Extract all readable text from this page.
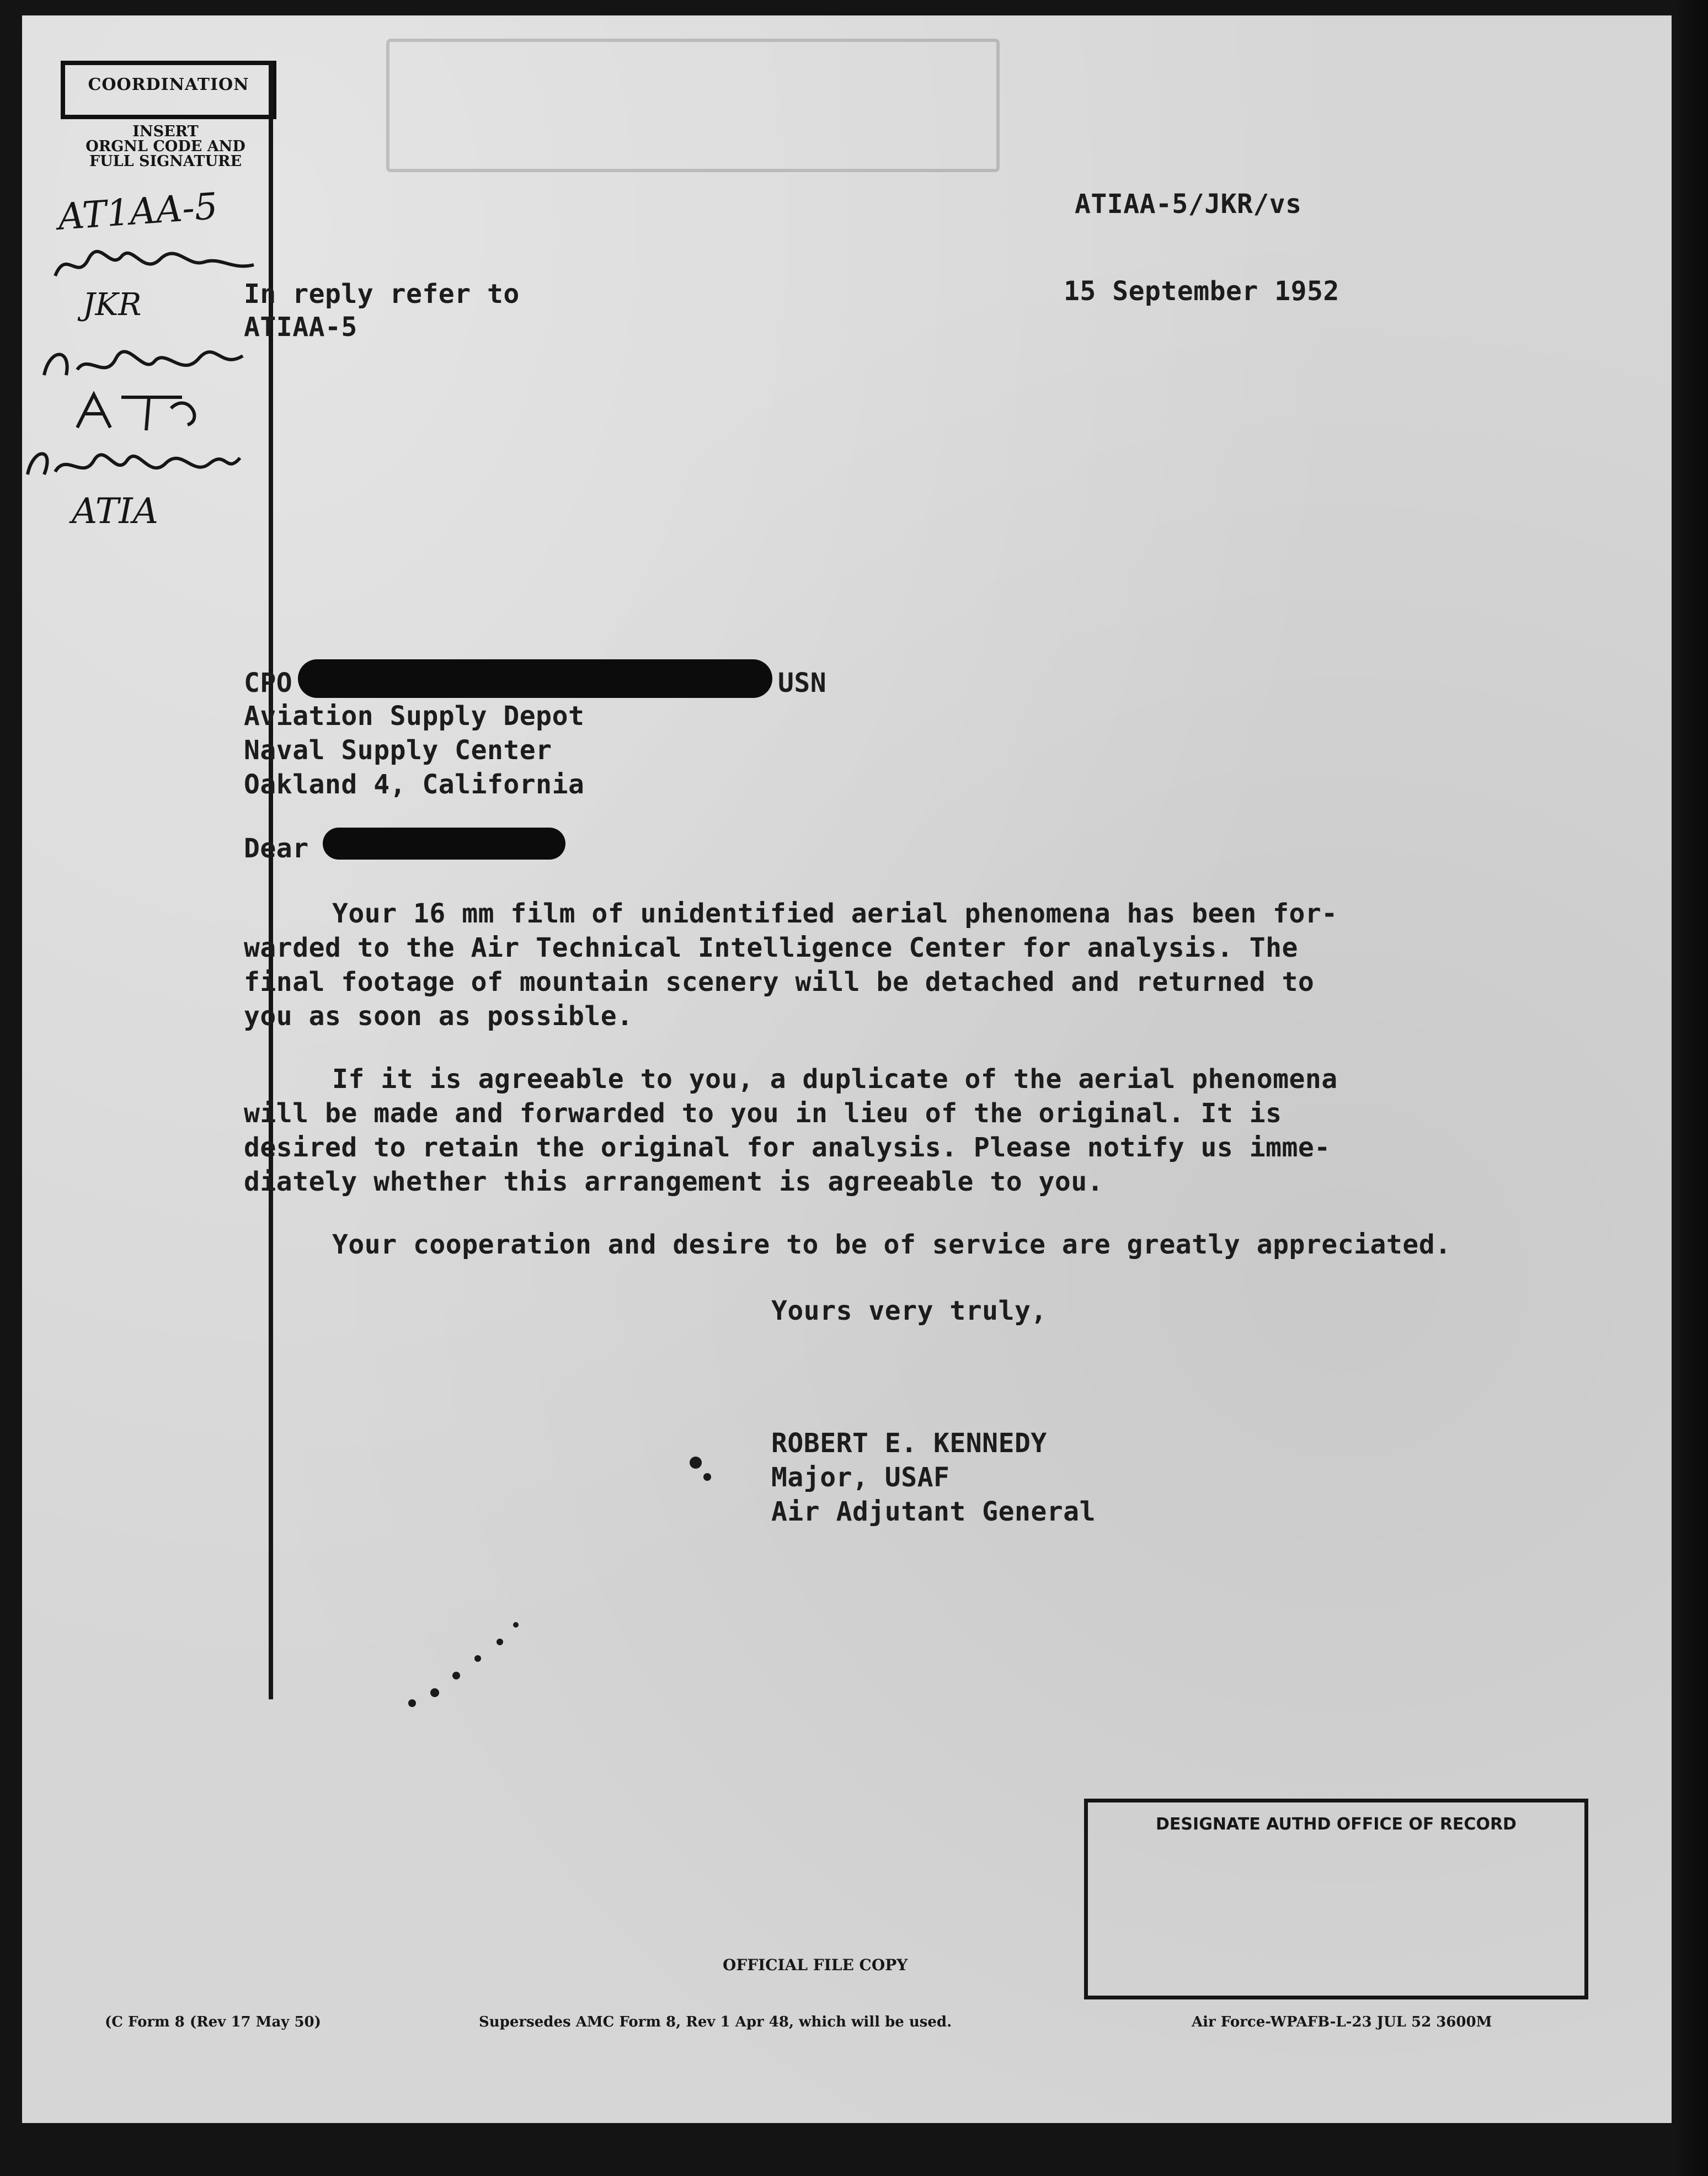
COORDINATION
INSERT
ORGNL CODE AND
FULL SIGNATURE
AT1AA-5
JKR
ATIA
ATIAA-5/JKR/vs
In reply refer to
ATIAA-5
15 September 1952
CPO	USN
Aviation Supply Depot
Naval Supply Center
Oakland 4, California
Dear
Your 16 mm film of unidentified aerial phenomena has been for-
warded to the Air Technical Intelligence Center for analysis. The
final footage of mountain scenery will be detached and returned to
you as soon as possible.
If it is agreeable to you, a duplicate of the aerial phenomena
will be made and forwarded to you in lieu of the original. It is
desired to retain the original for analysis. Please notify us imme-
diately whether this arrangement is agreeable to you.
Your cooperation and desire to be of service are greatly appreciated.
Yours very truly,
ROBERT E. KENNEDY
Major, USAF
Air Adjutant General
DESIGNATE AUTHD OFFICE OF RECORD
OFFICIAL FILE COPY
(C Form 8 (Rev 17 May 50)	Supersedes AMC Form 8, Rev 1 Apr 48, which will be used.	Air Force-WPAFB-L-23 JUL 52 3600M
